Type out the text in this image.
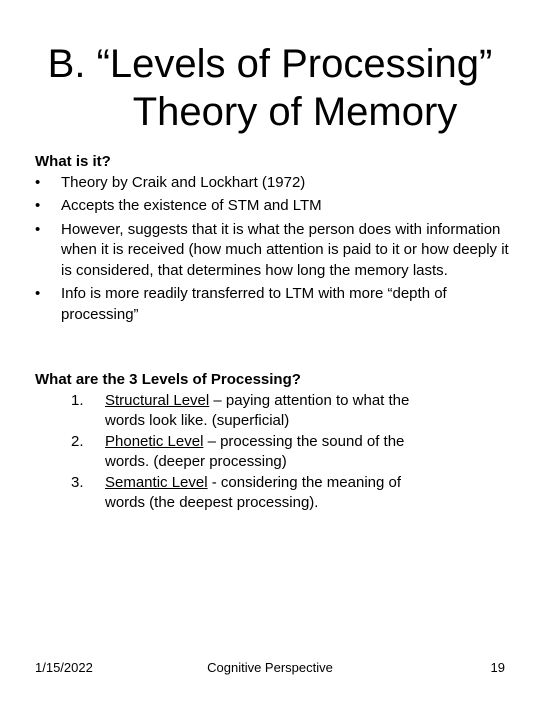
B. “Levels of Processing”
Theory of Memory
What is it?
• Theory by Craik and Lockhart (1972)
• Accepts the existence of STM and LTM
• However, suggests that it is what the person does with information when it is received (how much attention is paid to it or how deeply it is considered, that determines how long the memory lasts.
• Info is more readily transferred to LTM with more “depth of processing”
What are the 3 Levels of Processing?
1. Structural Level – paying attention to what the words look like. (superficial)
2. Phonetic Level – processing the sound of the words. (deeper processing)
3. Semantic Level - considering the meaning of words (the deepest processing).
Cognitive Perspective
1/15/2022	19
